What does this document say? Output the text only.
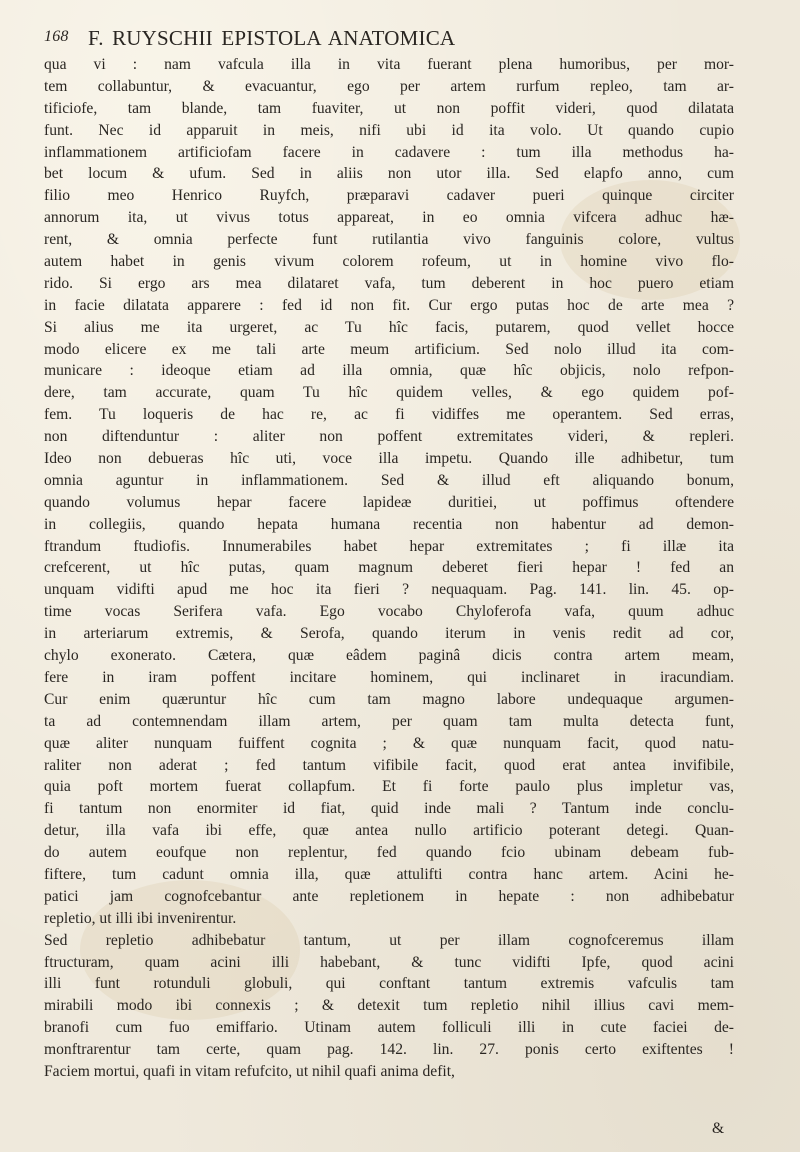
168 F. RUYSCHII EPISTOLA ANATOMICA
qua vi : nam vafcula illa in vita fuerant plena humoribus, per mor-
tem collabuntur, & evacuantur, ego per artem rurfum repleo, tam ar-
tificiofe, tam blande, tam fuaviter, ut non poffit videri, quod dilatata
funt. Nec id apparuit in meis, nifi ubi id ita volo. Ut quando cupio
inflammationem artificiofam facere in cadavere : tum illa methodus ha-
bet locum & ufum. Sed in aliis non utor illa. Sed elapfo anno, cum
filio meo Henrico Ruyfch, præparavi cadaver pueri quinque circiter
annorum ita, ut vivus totus appareat, in eo omnia vifcera adhuc hæ-
rent, & omnia perfecte funt rutilantia vivo fanguinis colore, vultus
autem habet in genis vivum colorem rofeum, ut in homine vivo flo-
rido. Si ergo ars mea dilataret vafa, tum deberent in hoc puero etiam
in facie dilatata apparere : fed id non fit. Cur ergo putas hoc de arte mea ?
Si alius me ita urgeret, ac Tu hîc facis, putarem, quod vellet hocce
modo elicere ex me tali arte meum artificium. Sed nolo illud ita com-
municare : ideoque etiam ad illa omnia, quæ hîc objicis, nolo refpon-
dere, tam accurate, quam Tu hîc quidem velles, & ego quidem pof-
fem. Tu loqueris de hac re, ac fi vidiffes me operantem. Sed erras,
non diftenduntur : aliter non poffent extremitates videri, & repleri.
Ideo non debueras hîc uti, voce illa impetu. Quando ille adhibetur, tum
omnia aguntur in inflammationem. Sed & illud eft aliquando bonum,
quando volumus hepar facere lapideæ duritiei, ut poffimus oftendere
in collegiis, quando hepata humana recentia non habentur ad demon-
ftrandum ftudiofis. Innumerabiles habet hepar extremitates ; fi illæ ita
crefcerent, ut hîc putas, quam magnum deberet fieri hepar ! fed an
unquam vidifti apud me hoc ita fieri ? nequaquam. Pag. 141. lin. 45. op-
time vocas Serifera vafa. Ego vocabo Chyloferofa vafa, quum adhuc
in arteriarum extremis, & Serofa, quando iterum in venis redit ad cor,
chylo exonerato. Cætera, quæ eâdem paginâ dicis contra artem meam,
fere in iram poffent incitare hominem, qui inclinaret in iracundiam.
Cur enim quæruntur hîc cum tam magno labore undequaque argumen-
ta ad contemnendam illam artem, per quam tam multa detecta funt,
quæ aliter nunquam fuiffent cognita ; & quæ nunquam facit, quod natu-
raliter non aderat ; fed tantum vifibile facit, quod erat antea invifibile,
quia poft mortem fuerat collapfum. Et fi forte paulo plus impletur vas,
fi tantum non enormiter id fiat, quid inde mali ? Tantum inde conclu-
detur, illa vafa ibi effe, quæ antea nullo artificio poterant detegi. Quan-
do autem eoufque non replentur, fed quando fcio ubinam debeam fub-
fiftere, tum cadunt omnia illa, quæ attulifti contra hanc artem. Acini he-
patici jam cognofcebantur ante repletionem in hepate : non adhibebatur
repletio, ut illi ibi invenirentur.
Sed repletio adhibebatur tantum, ut per illam cognofceremus illam
ftructuram, quam acini illi habebant, & tunc vidifti Ipfe, quod acini
illi funt rotunduli globuli, qui conftant tantum extremis vafculis tam
mirabili modo ibi connexis ; & detexit tum repletio nihil illius cavi mem-
branofi cum fuo emiffario. Utinam autem folliculi illi in cute faciei de-
monftrarentur tam certe, quam pag. 142. lin. 27. ponis certo exiftentes !
Faciem mortui, quafi in vitam refufcito, ut nihil quafi anima defit,
&
